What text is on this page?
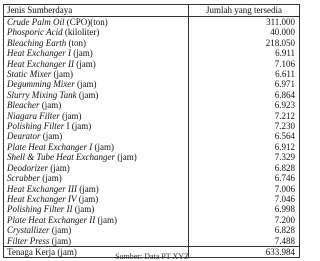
Jenis Sumberdaya	Jumlah yang tersedia
Crude Palm Oil (CPO)(ton)	311.000
Phosporic Acid (kiloliter)	40.000
Bleaching Earth (ton)	218.050
Heat Exchanger I (jam)	6.911
Heat Exchanger II (jam)	7.106
Static Mixer (jam)	6.611
Degumming Mixer (jam)	6.971
Slurry Mixing Tank (jam)	6.864
Bleacher (jam)	6.923
Niagara Filter (jam)	7.212
Polishing Filter I (jam)	7.230
Dearator (jam)	6.564
Plate Heat Exchanger I (jam)	6.912
Shell & Tube Heat Exchanger (jam)	7.329
Deodorizer (jam)	6.828
Scrubber (jam)	6.746
Heat Exchanger III (jam)	7.006
Heat Exchanger IV (jam)	7.046
Polishing Filter II (jam)	6.998
Plate Heat Exchanger II (jam)	7.200
Crystallizer (jam)	6.828
Filter Press (jam)	7.488
Tenaga Kerja (jam)	633.984
Sumber: Data PT XYZ
